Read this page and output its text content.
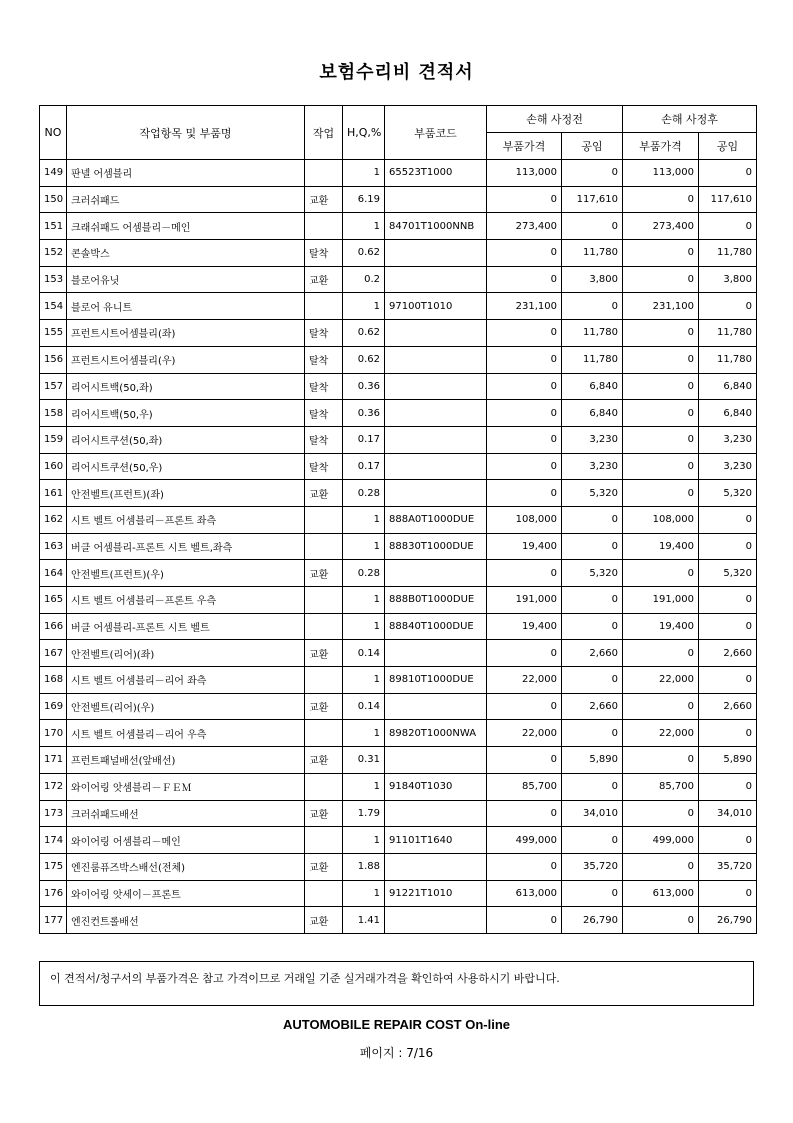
보험수리비 견적서
NO	작업항목 및 부품명	작업	H,Q,%	부품코드	손해 사정전		손해 사정후	
					부품가격	공임	부품가격	공임
149	판넬 어셈블리		1	65523T1000	113,000	0	113,000	0
150	크러쉬패드	교환	6.19		0	117,610	0	117,610
151	크래쉬패드 어셈블리－메인		1	84701T1000NNB	273,400	0	273,400	0
152	콘솔박스	탈착	0.62		0	11,780	0	11,780
153	블로어유닛	교환	0.2		0	3,800	0	3,800
154	블로어 유니트		1	97100T1010	231,100	0	231,100	0
155	프런트시트어셈블리(좌)	탈착	0.62		0	11,780	0	11,780
156	프런트시트어셈블리(우)	탈착	0.62		0	11,780	0	11,780
157	리어시트백(50,좌)	탈착	0.36		0	6,840	0	6,840
158	리어시트백(50,우)	탈착	0.36		0	6,840	0	6,840
159	리어시트쿠션(50,좌)	탈착	0.17		0	3,230	0	3,230
160	리어시트쿠션(50,우)	탈착	0.17		0	3,230	0	3,230
161	안전벨트(프런트)(좌)	교환	0.28		0	5,320	0	5,320
162	시트 벨트 어셈블리－프론트 좌측		1	888A0T1000DUE	108,000	0	108,000	0
163	버클 어셈블리-프론트 시트 벨트,좌측		1	88830T1000DUE	19,400	0	19,400	0
164	안전벨트(프런트)(우)	교환	0.28		0	5,320	0	5,320
165	시트 벨트 어셈블리－프론트 우측		1	888B0T1000DUE	191,000	0	191,000	0
166	버클 어셈블리-프론트 시트 벨트		1	88840T1000DUE	19,400	0	19,400	0
167	안전벨트(리어)(좌)	교환	0.14		0	2,660	0	2,660
168	시트 벨트 어셈블리－리어 좌측		1	89810T1000DUE	22,000	0	22,000	0
169	안전벨트(리어)(우)	교환	0.14		0	2,660	0	2,660
170	시트 벨트 어셈블리－리어 우측		1	89820T1000NWA	22,000	0	22,000	0
171	프런트패널배선(앞배선)	교환	0.31		0	5,890	0	5,890
172	와이어링 앗셈블리－ＦＥＭ		1	91840T1030	85,700	0	85,700	0
173	크러쉬패드배선	교환	1.79		0	34,010	0	34,010
174	와이어링 어셈블리－메인		1	91101T1640	499,000	0	499,000	0
175	엔진룸퓨즈박스배선(전체)	교환	1.88		0	35,720	0	35,720
176	와이어링 앗세이－프론트		1	91221T1010	613,000	0	613,000	0
177	엔진컨트롤배선	교환	1.41		0	26,790	0	26,790
이 견적서/청구서의 부품가격은 참고 가격이므로 거래일 기준 실거래가격을 확인하여 사용하시기 바랍니다.
AUTOMOBILE REPAIR COST On-line
페이지 : 7/16
